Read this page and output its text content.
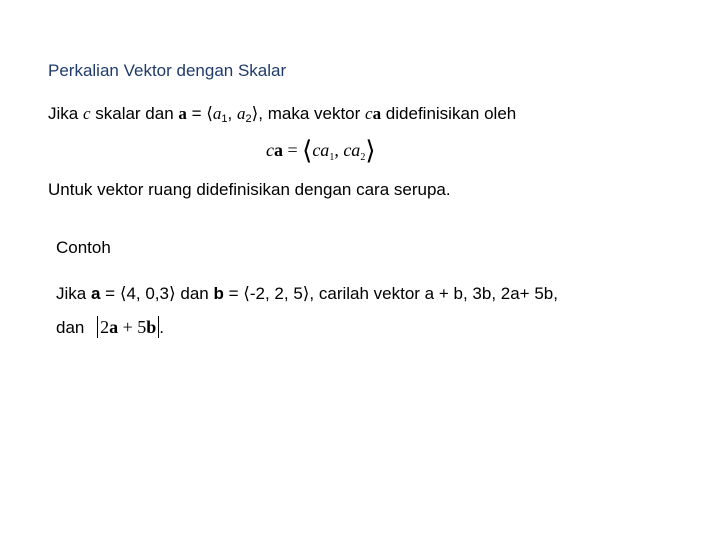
Perkalian Vektor dengan Skalar
Jika c skalar dan $a = ⟨a_1$, $a_2⟩$, maka vektor ca didefinisikan oleh
ca = $⟨ca_1$, $ca_2⟩$
Untuk vektor ruang didefinisikan dengan cara serupa.
Contoh
Jika a = ⟨4, 0,3⟩ dan b = ⟨-2, 2, 5⟩, carilah vektor a + b, 3b, 2a+ 5b,
dan 2a + 5b .
